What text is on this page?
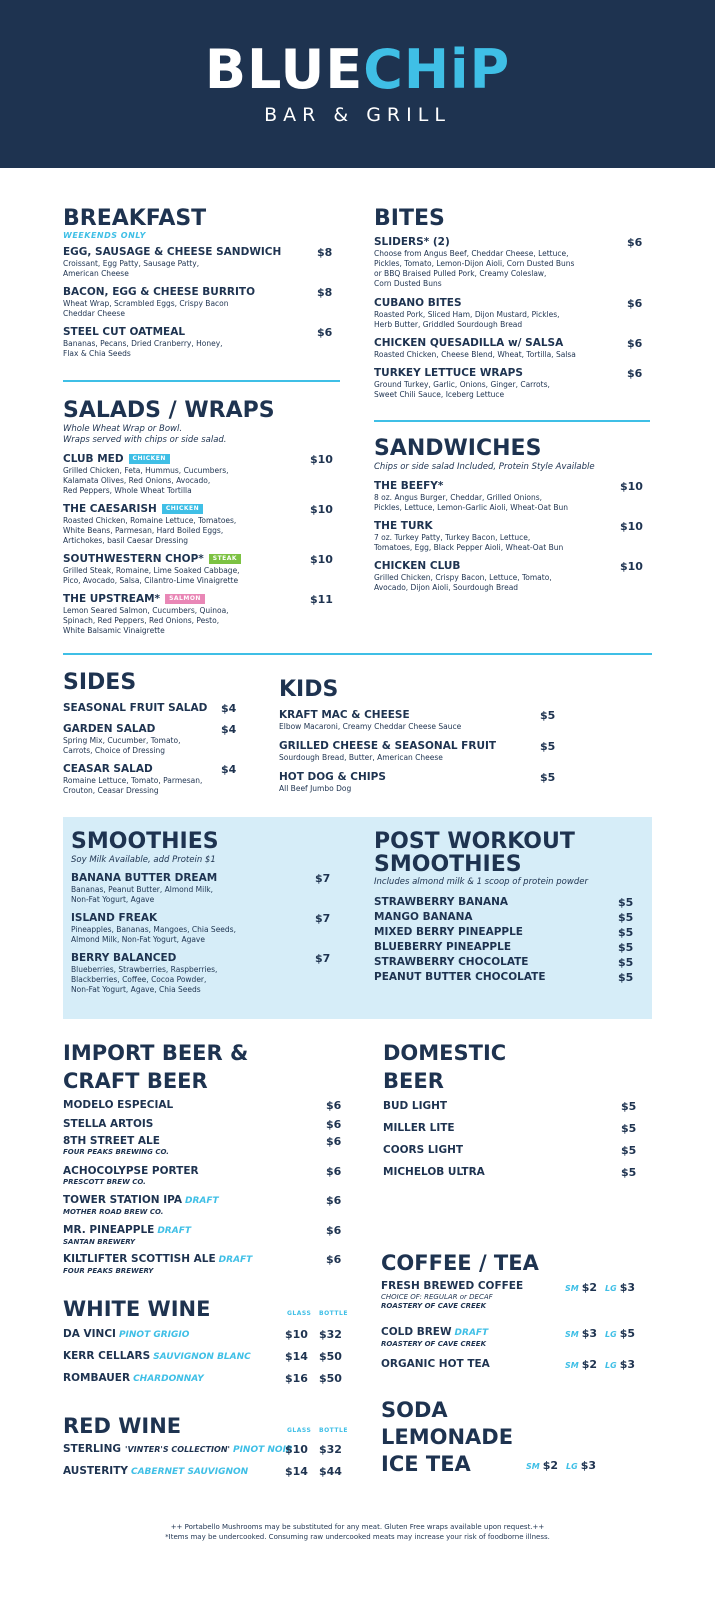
BLUECHiP
BAR & GRILL
BREAKFAST
WEEKENDS ONLY
EGG, SAUSAGE & CHEESE SANDWICH
Croissant, Egg Patty, Sausage Patty,
American Cheese
$8
BACON, EGG & CHEESE BURRITO
Wheat Wrap, Scrambled Eggs, Crispy Bacon
Cheddar Cheese
$8
STEEL CUT OATMEAL
Bananas, Pecans, Dried Cranberry, Honey,
Flax & Chia Seeds
$6
BITES
SLIDERS* (2)
Choose from Angus Beef, Cheddar Cheese, Lettuce,
Pickles, Tomato, Lemon-Dijon Aioli, Corn Dusted Buns
or BBQ Braised Pulled Pork, Creamy Coleslaw,
Corn Dusted Buns
$6
CUBANO BITES
Roasted Pork, Sliced Ham, Dijon Mustard, Pickles,
Herb Butter, Griddled Sourdough Bread
$6
CHICKEN QUESADILLA w/ SALSA
Roasted Chicken, Cheese Blend, Wheat, Tortilla, Salsa
$6
TURKEY LETTUCE WRAPS
Ground Turkey, Garlic, Onions, Ginger, Carrots,
Sweet Chili Sauce, Iceberg Lettuce
$6
SALADS / WRAPS
Whole Wheat Wrap or Bowl.
Wraps served with chips or side salad.
CLUB MED CHICKEN
Grilled Chicken, Feta, Hummus, Cucumbers,
Kalamata Olives, Red Onions, Avocado,
Red Peppers, Whole Wheat Tortilla
$10
THE CAESARISH CHICKEN
Roasted Chicken, Romaine Lettuce, Tomatoes,
White Beans, Parmesan, Hard Boiled Eggs,
Artichokes, basil Caesar Dressing
$10
SOUTHWESTERN CHOP* STEAK
Grilled Steak, Romaine, Lime Soaked Cabbage,
Pico, Avocado, Salsa, Cilantro-Lime Vinaigrette
$10
THE UPSTREAM* SALMON
Lemon Seared Salmon, Cucumbers, Quinoa,
Spinach, Red Peppers, Red Onions, Pesto,
White Balsamic Vinaigrette
$11
SANDWICHES
Chips or side salad Included, Protein Style Available
THE BEEFY*
8 oz. Angus Burger, Cheddar, Grilled Onions,
Pickles, Lettuce, Lemon-Garlic Aioli, Wheat-Oat Bun
$10
THE TURK
7 oz. Turkey Patty, Turkey Bacon, Lettuce,
Tomatoes, Egg, Black Pepper Aioli, Wheat-Oat Bun
$10
CHICKEN CLUB
Grilled Chicken, Crispy Bacon, Lettuce, Tomato,
Avocado, Dijon Aioli, Sourdough Bread
$10
SIDES
SEASONAL FRUIT SALAD	$4
GARDEN SALAD
Spring Mix, Cucumber, Tomato,
Carrots, Choice of Dressing
$4
CEASAR SALAD
Romaine Lettuce, Tomato, Parmesan,
Crouton, Ceasar Dressing
$4
KIDS
KRAFT MAC & CHEESE
Elbow Macaroni, Creamy Cheddar Cheese Sauce
$5
GRILLED CHEESE & SEASONAL FRUIT
Sourdough Bread, Butter, American Cheese
$5
HOT DOG & CHIPS
All Beef Jumbo Dog
$5
SMOOTHIES
Soy Milk Available, add Protein $1
BANANA BUTTER DREAM
Bananas, Peanut Butter, Almond Milk,
Non-Fat Yogurt, Agave
$7
ISLAND FREAK
Pineapples, Bananas, Mangoes, Chia Seeds,
Almond Milk, Non-Fat Yogurt, Agave
$7
BERRY BALANCED
Blueberries, Strawberries, Raspberries,
Blackberries, Coffee, Cocoa Powder,
Non-Fat Yogurt, Agave, Chia Seeds
$7
POST WORKOUT
SMOOTHIES
Includes almond milk & 1 scoop of protein powder
STRAWBERRY BANANA	$5
MANGO BANANA	$5
MIXED BERRY PINEAPPLE	$5
BLUEBERRY PINEAPPLE	$5
STRAWBERRY CHOCOLATE	$5
PEANUT BUTTER CHOCOLATE	$5
IMPORT BEER &
CRAFT BEER
MODELO ESPECIAL	$6
STELLA ARTOIS	$6
8TH STREET ALE
FOUR PEAKS BREWING CO.
$6
ACHOCOLYPSE PORTER
PRESCOTT BREW CO.
$6
TOWER STATION IPA DRAFT
MOTHER ROAD BREW CO.
$6
MR. PINEAPPLE DRAFT
SANTAN BREWERY
$6
KILTLIFTER SCOTTISH ALE DRAFT
FOUR PEAKS BREWERY
$6
DOMESTIC
BEER
BUD LIGHT	$5
MILLER LITE	$5
COORS LIGHT	$5
MICHELOB ULTRA	$5
WHITE WINE	GLASS BOTTLE
DA VINCI PINOT GRIGIO	$10 $32
KERR CELLARS SAUVIGNON BLANC	$14 $50
ROMBAUER CHARDONNAY	$16 $50
RED WINE	GLASS BOTTLE
STERLING 'VINTER'S COLLECTION' PINOT NOIR
$10 $32
AUSTERITY CABERNET SAUVIGNON	$14 $44
COFFEE / TEA
FRESH BREWED COFFEE
CHOICE OF: REGULAR or DECAF
ROASTERY OF CAVE CREEK
SM $2 LG $3
COLD BREW DRAFT
ROASTERY OF CAVE CREEK
SM $3 LG $5
ORGANIC HOT TEA	SM $2 LG $3
SODA
LEMONADE
ICE TEA	SM $2 LG $3
++ Portabello Mushrooms may be substituted for any meat. Gluten Free wraps available upon request.++
*Items may be undercooked. Consuming raw undercooked meats may increase your risk of foodborne illness.
